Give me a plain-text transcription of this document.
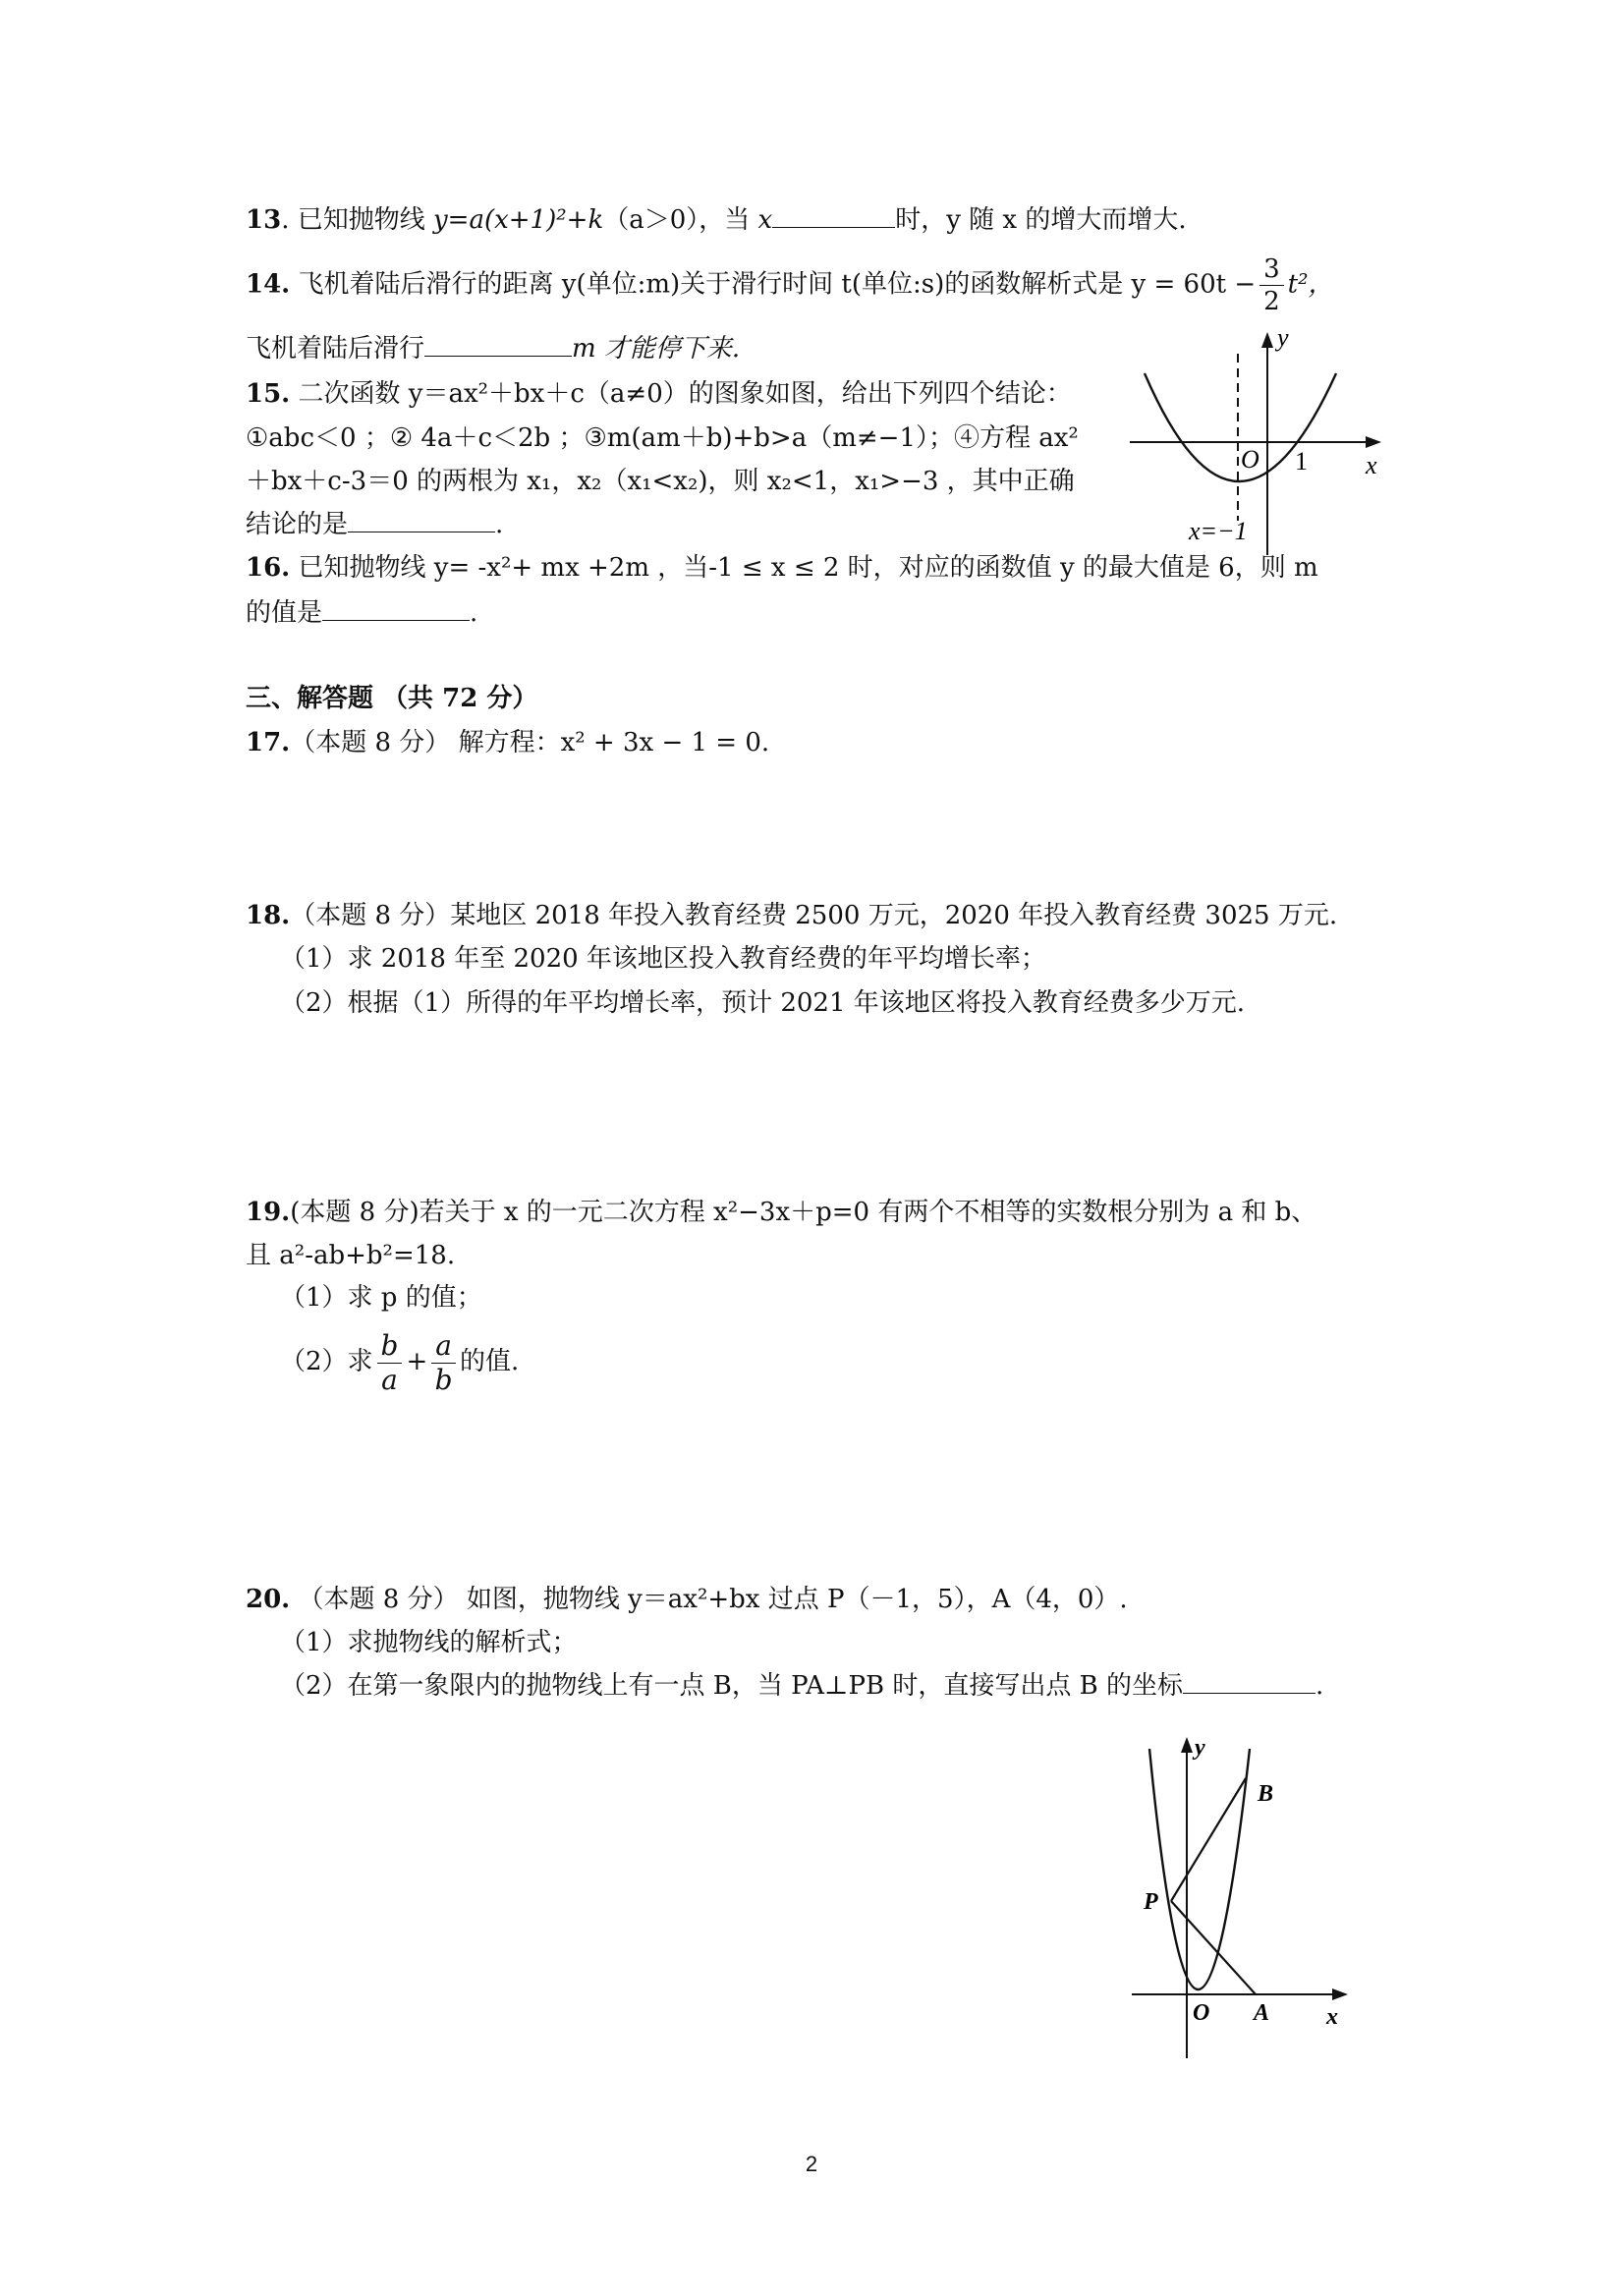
13. 已知抛物线 y=a(x+1)²+k（a＞0），当 x	时，y 随 x 的增大而增大.
14. 飞机着陆后滑行的距离 y(单位:m)关于滑行时间 t(单位:s)的函数解析式是 $y = 60t - \frac{3}{2} t^2$，
飞机着陆后滑行	m 才能停下来.
15. 二次函数 y＝ax²＋bx＋c（a≠0）的图象如图，给出下列四个结论：
①abc＜0 ；② 4a＋c＜2b ；③m(am＋b)+b>a（m≠−1）；④方程 ax²
＋bx＋c-3＝0 的两根为 x₁，x₂（x₁<x₂)，则 x₂<1，x₁>−3 ，其中正确
结论的是	.
y
x
O 1
x=−1
16. 已知抛物线 y= -x²+ mx +2m ，当-1 ≤ x ≤ 2 时，对应的函数值 y 的最大值是 6，则 m
的值是	.
三、解答题 （共 72 分）
17.（本题 8 分） 解方程：x² + 3x − 1 = 0.
18.（本题 8 分）某地区 2018 年投入教育经费 2500 万元，2020 年投入教育经费 3025 万元.
（1）求 2018 年至 2020 年该地区投入教育经费的年平均增长率；
（2）根据（1）所得的年平均增长率，预计 2021 年该地区将投入教育经费多少万元.
19.(本题 8 分)若关于 x 的一元二次方程 x²−3x＋p=0 有两个不相等的实数根分别为 a 和 b、
且 a²-ab+b²=18.
（1）求 p 的值；
（2）求 $\frac{b}{a} + \frac{a}{b}$ 的值.
20. （本题 8 分） 如图，抛物线 y＝ax²+bx 过点 P（－1，5），A（4，0）.
（1）求抛物线的解析式；
（2）在第一象限内的抛物线上有一点 B，当 PA⊥PB 时，直接写出点 B 的坐标	.
y
x
O A
B
P
2
